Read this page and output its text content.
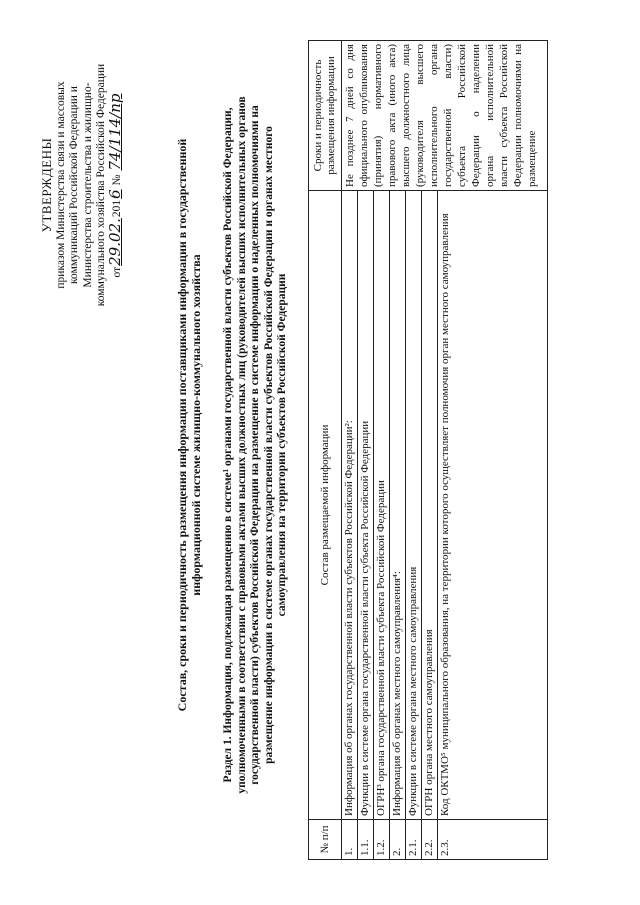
УТВЕРЖДЕНЫ приказом Министерства связи и массовых коммуникаций Российской Федерации и Министерства строительства и жилищно- коммунального хозяйства Российской Федерации от29.02.2016 № 74/114/пр
Состав, сроки и периодичность размещения информации поставщиками информации в государственной информационной системе жилищно-коммунального хозяйства Раздел 1. Информация, подлежащая размещению в системе¹ органами государственной власти субъектов Российской Федерации, уполномоченными в соответствии с правовыми актами высших должностных лиц (руководителей высших исполнительных органов государственной власти) субъектов Российской Федерации на размещение в системе информации о наделенных полномочиями на размещение информации в системе органах государственной власти субъектов Российской Федерации и органах местного самоуправления на территории субъектов Российской Федерации
№ п/п	Состав размещаемой информации	Сроки и периодичность размещения информации
1.	Информация об органах государственной власти субъектов Российской Федерации²:	Не позднее 7 дней со дня официального опубликования (принятия) нормативного правового акта (иного акта) высшего должностного лица (руководителя высшего исполнительного органа государственной власти) субъекта Российской Федерации о наделении органа исполнительной власти субъекта Российской Федерации полномочиями на размещение
1.1.	Функции в системе органа государственной власти субъекта Российской Федерации	
1.2.	ОГРН³ органа государственной власти субъекта Российской Федерации	
2.	Информация об органах местного самоуправления⁴:	
2.1.	Функции в системе органа местного самоуправления	
2.2.	ОГРН органа местного самоуправления	
2.3.	Код ОКТМО⁵ муниципального образования, на территории которого осуществляет полномочия орган местного самоуправления	
